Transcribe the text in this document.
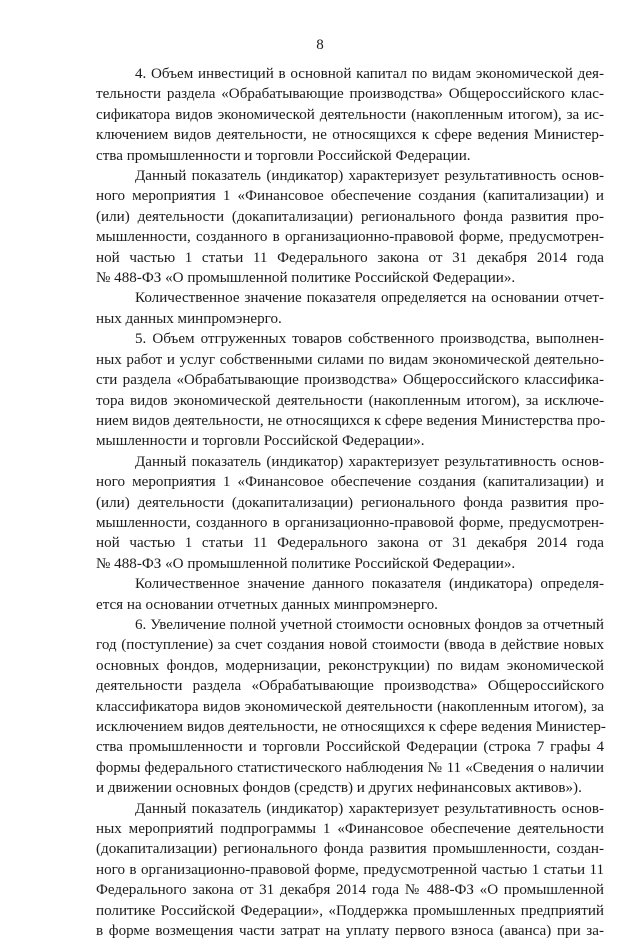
8

4. Объем инвестиций в основной капитал по видам экономической дея-
тельности раздела «Обрабатывающие производства» Общероссийского клас-
сификатора видов экономической деятельности (накопленным итогом), за ис-
ключением видов деятельности, не относящихся к сфере ведения Министер-
ства промышленности и торговли Российской Федерации.

Данный показатель (индикатор) характеризует результативность основ-
ного мероприятия 1 «Финансовое обеспечение создания (капитализации) и
(или) деятельности (докапитализации) регионального фонда развития про-
мышленности, созданного в организационно-правовой форме, предусмотрен-
ной частью 1 статьи 11 Федерального закона от 31 декабря 2014 года
№ 488-ФЗ «О промышленной политике Российской Федерации».

Количественное значение показателя определяется на основании отчет-
ных данных минпромэнерго.

5. Объем отгруженных товаров собственного производства, выполнен-
ных работ и услуг собственными силами по видам экономической деятельно-
сти раздела «Обрабатывающие производства» Общероссийского классифика-
тора видов экономической деятельности (накопленным итогом), за исключе-
нием видов деятельности, не относящихся к сфере ведения Министерства про-
мышленности и торговли Российской Федерации».

Данный показатель (индикатор) характеризует результативность основ-
ного мероприятия 1 «Финансовое обеспечение создания (капитализации) и
(или) деятельности (докапитализации) регионального фонда развития про-
мышленности, созданного в организационно-правовой форме, предусмотрен-
ной частью 1 статьи 11 Федерального закона от 31 декабря 2014 года
№ 488-ФЗ «О промышленной политике Российской Федерации».

Количественное значение данного показателя (индикатора) определя-
ется на основании отчетных данных минпромэнерго.

6. Увеличение полной учетной стоимости основных фондов за отчетный
год (поступление) за счет создания новой стоимости (ввода в действие новых
основных фондов, модернизации, реконструкции) по видам экономической
деятельности раздела «Обрабатывающие производства» Общероссийского
классификатора видов экономической деятельности (накопленным итогом), за
исключением видов деятельности, не относящихся к сфере ведения Министер-
ства промышленности и торговли Российской Федерации (строка 7 графы 4
формы федерального статистического наблюдения № 11 «Сведения о наличии
и движении основных фондов (средств) и других нефинансовых активов»).

Данный показатель (индикатор) характеризует результативность основ-
ных мероприятий подпрограммы 1 «Финансовое обеспечение деятельности
(докапитализации) регионального фонда развития промышленности, создан-
ного в организационно-правовой форме, предусмотренной частью 1 статьи 11
Федерального закона от 31 декабря 2014 года № 488-ФЗ «О промышленной
политике Российской Федерации», «Поддержка промышленных предприятий
в форме возмещения части затрат на уплату первого взноса (аванса) при за-
